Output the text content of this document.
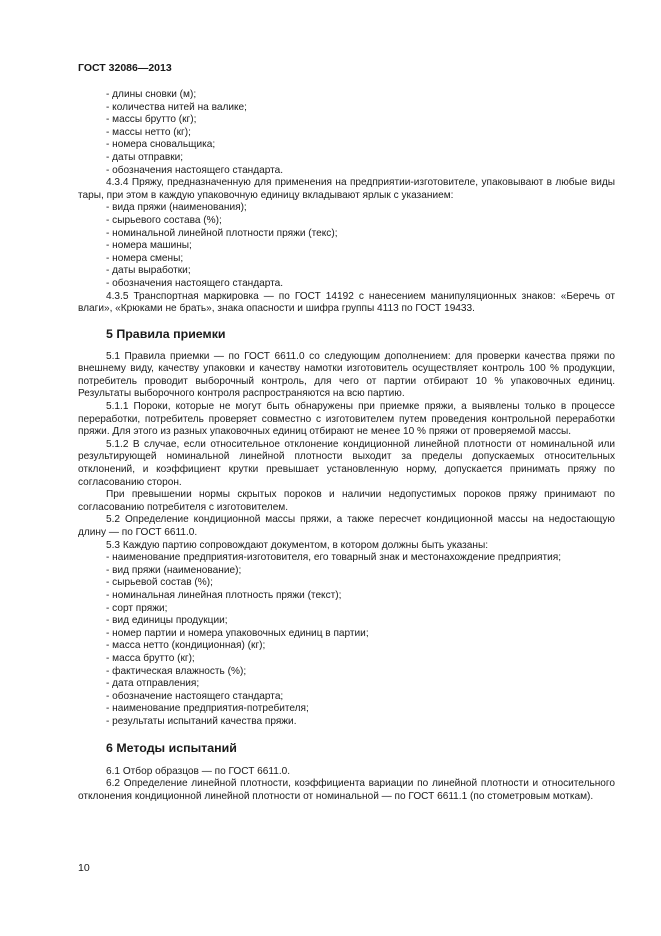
ГОСТ 32086—2013
- длины сновки (м);
- количества нитей на валике;
- массы брутто (кг);
- массы нетто (кг);
- номера сновальщика;
- даты отправки;
- обозначения настоящего стандарта.

4.3.4 Пряжу, предназначенную для применения на предприятии-изготовителе, упаковывают в любые виды тары, при этом в каждую упаковочную единицу вкладывают ярлык с указанием:

- вида пряжи (наименования);
- сырьевого состава (%);
- номинальной линейной плотности пряжи (текс);
- номера машины;
- номера смены;
- даты выработки;
- обозначения настоящего стандарта.

4.3.5 Транспортная маркировка — по ГОСТ 14192 с нанесением манипуляционных знаков: «Беречь от влаги», «Крюками не брать», знака опасности и шифра группы 4113 по ГОСТ 19433.

5 Правила приемки

5.1 Правила приемки — по ГОСТ 6611.0 со следующим дополнением: для проверки качества пряжи по внешнему виду, качеству упаковки и качеству намотки изготовитель осуществляет контроль 100 % продукции, потребитель проводит выборочный контроль, для чего от партии отбирают 10 % упаковочных единиц. Результаты выборочного контроля распространяются на всю партию.

5.1.1 Пороки, которые не могут быть обнаружены при приемке пряжи, а выявлены только в процессе переработки, потребитель проверяет совместно с изготовителем путем проведения контрольной переработки пряжи. Для этого из разных упаковочных единиц отбирают не менее 10 % пряжи от проверяемой массы.

5.1.2 В случае, если относительное отклонение кондиционной линейной плотности от номинальной или результирующей номинальной линейной плотности выходит за пределы допускаемых относительных отклонений, и коэффициент крутки превышает установленную норму, допускается принимать пряжу по согласованию сторон.

При превышении нормы скрытых пороков и наличии недопустимых пороков пряжу принимают по согласованию потребителя с изготовителем.

5.2 Определение кондиционной массы пряжи, а также пересчет кондиционной массы на недостающую длину — по ГОСТ 6611.0.

5.3 Каждую партию сопровождают документом, в котором должны быть указаны:

- наименование предприятия-изготовителя, его товарный знак и местонахождение предприятия;
- вид пряжи (наименование);
- сырьевой состав (%);
- номинальная линейная плотность пряжи (текст);
- сорт пряжи;
- вид единицы продукции;
- номер партии и номера упаковочных единиц в партии;
- масса нетто (кондиционная) (кг);
- масса брутто (кг);
- фактическая влажность (%);
- дата отправления;
- обозначение настоящего стандарта;
- наименование предприятия-потребителя;
- результаты испытаний качества пряжи.
6 Методы испытаний

6.1 Отбор образцов — по ГОСТ 6611.0.

6.2 Определение линейной плотности, коэффициента вариации по линейной плотности и относительного отклонения кондиционной линейной плотности от номинальной — по ГОСТ 6611.1 (по стометровым моткам).

10
